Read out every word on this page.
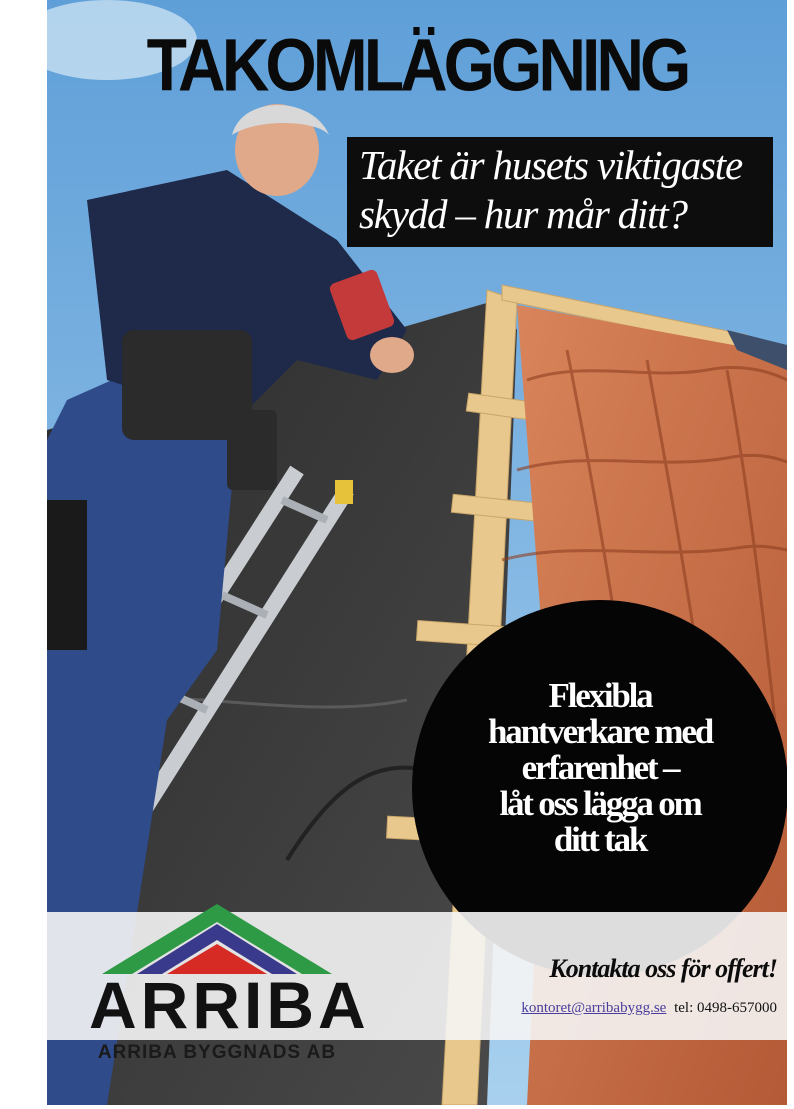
TAKOMLÄGGNING
Taket är husets viktigaste
skydd – hur mår ditt?
Flexibla
hantverkare med
erfarenhet –
låt oss lägga om
ditt tak
ARRIBA
ARRIBA BYGGNADS AB
Kontakta oss för offert!
kontoret@arribabygg.se tel: 0498-657000
